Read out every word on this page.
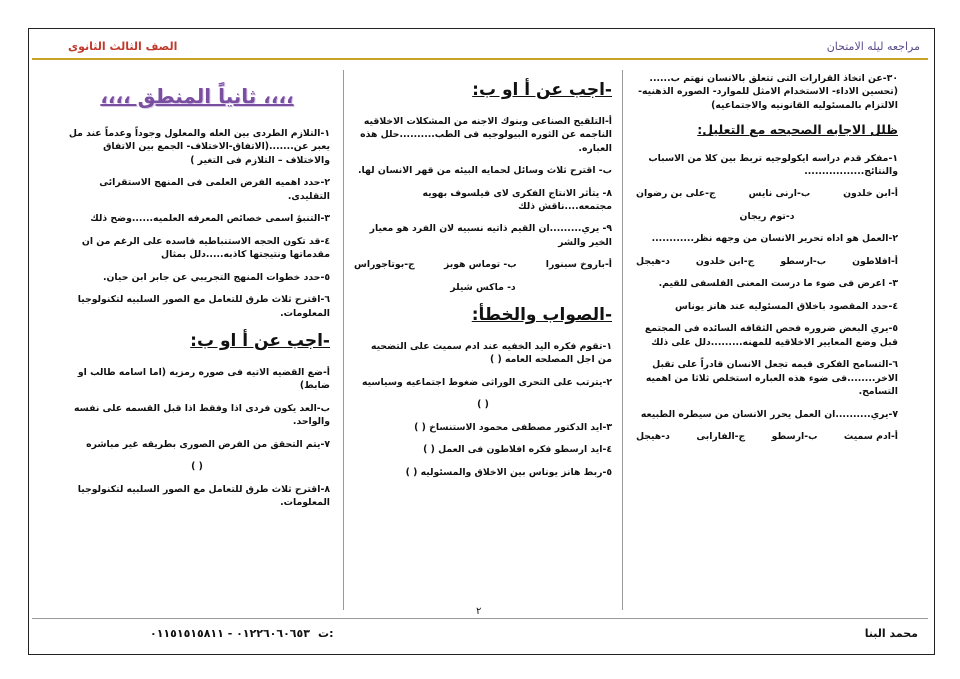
مراجعه ليله الامتحان
الصف الثالث الثانوى

٣٠-عن اتخاذ القرارات التى تتعلق بالانسان نهتم ب......(تحسين الاداء- الاستخدام الامثل للموارد- الصوره الذهنيه- الالتزام بالمسئوليه القانونيه والاجتماعيه)

ظلل الاجابه الصحيحه مع التعليل:

١-مفكر قدم دراسه ايكولوجيه تربط بين كلا من الاسباب والنتائج.................

أ-ابن خلدون
ب-ارنى نايس
ج-على بن رضوان

د-توم ريجان

٢-العمل هو اداه تحرير الانسان من وجهه نظر............

أ-افلاطون
ب-ارسطو
ج-ابن خلدون
د-هيجل

٣- اعرض فى ضوء ما درست المعنى الفلسفى للقيم.

٤-حدد المقصود باخلاق المسئوليه عند هانز يوناس

٥-يري البعض ضروره فحص الثقافه السائده فى المجتمع قبل وضع المعايير الاخلاقيه للمهنه.........دلل على ذلك

٦-التسامح الفكرى قيمه تجعل الانسان قادراً على تقبل الاخر........فى ضوء هذه العباره استخلص ثلاثا من اهميه التسامح.

٧-يري..........ان العمل يحرر الانسان من سيطره الطبيعه

أ-ادم سميث
ب-ارسطو
ج-الفارابى
د-هيجل
-اجب عن أ او ب:

أ-التلقيح الصناعى وبنوك الاجنه من المشكلات الاخلاقيه الناجمه عن الثوره البيولوجيه فى الطب..........حلل هذه العباره.

ب- اقترح ثلاث وسائل لحمايه البيئه من قهر الانسان لها.

٨- يتأثر الانتاج الفكرى لاى فيلسوف بهويه مجتمعه....ناقش ذلك

٩- يري.........ان القيم ذاتيه نسبيه لان الفرد هو معيار الخير والشر

أ-باروخ سبنورا
ب- توماس هوبز
ج-بوتاجوراس

د- ماكس شيلر

-الصواب والخطأ:

١-تقوم فكره اليد الخفيه عند ادم سميث على التضحيه من اجل المصلحه العامه ( )

٢-يترتب على التحرى الوراثى ضغوط اجتماعيه وسياسيه

( )

٣-ايد الدكتور مصطفى محمود الاستنساخ ( )

٤-ايد ارسطو فكره افلاطون فى العمل ( )

٥-ربط هانز يوناس بين الاخلاق والمسئوليه ( )

،،،، ثانياً المنطق ،،،،

١-التلازم الطردى بين العله والمعلول وجوداً وعدماً عند مل يعبر عن.......(الاتفاق-الاختلاف- الجمع بين الاتفاق والاختلاف – التلازم فى التغير )

٢-حدد اهميه الفرض العلمى فى المنهج الاستقرائى التقليدى.

٣-التنبؤ اسمى خصائص المعرفه العلميه......وضح ذلك

٤-قد تكون الحجه الاستنباطيه فاسده على الرغم من ان مقدماتها ونتيجتها كاذبه.....دلل بمثال

٥-حدد خطوات المنهج التجريبي عن جابر ابن حيان.

٦-اقترح ثلاث طرق للتعامل مع الصور السلبيه لتكنولوجيا المعلومات.

-اجب عن أ او ب:

أ-ضع القضيه الاتيه فى صوره رمزيه (اما اسامه طالب او ضابط)

ب-العد يكون فردى اذا وفقط اذا قبل القسمه على نفسه والواحد.

٧-يتم التحقق من الفرض الصورى بطريقه غير مباشره

( )

٨-اقترح ثلاث طرق للتعامل مع الصور السلبيه لتكنولوجيا المعلومات.

٢
محمد البنا
ت:
٠١٢٢٦٠٦٠٦٥٣ - ٠١١٥١٥١٥٨١١
